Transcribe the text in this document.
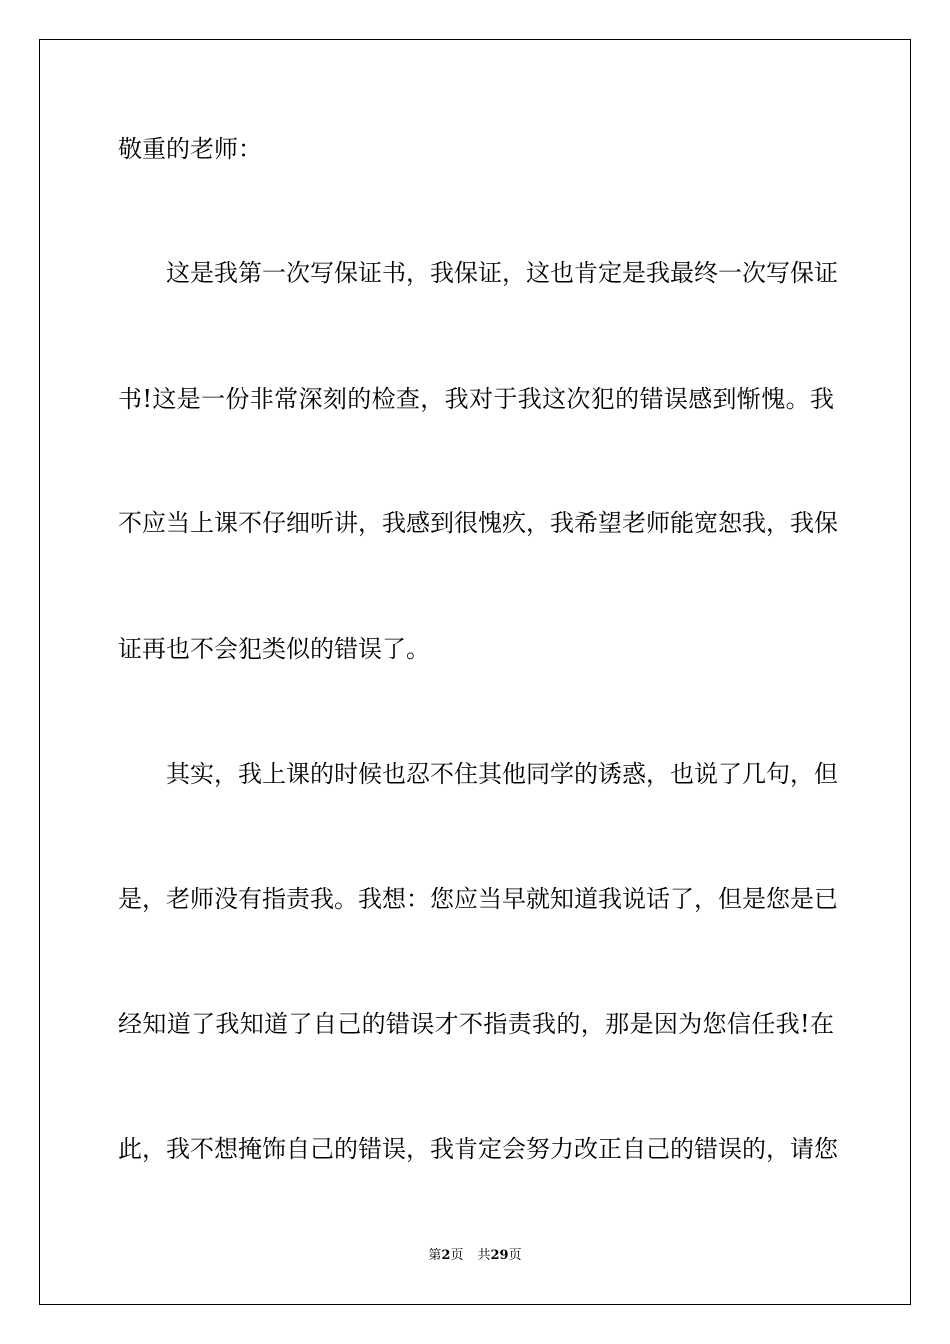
敬重的老师：
这是我第一次写保证书，我保证，这也肯定是我最终一次写保证
书!这是一份非常深刻的检查，我对于我这次犯的错误感到惭愧。我
不应当上课不仔细听讲，我感到很愧疚，我希望老师能宽恕我，我保
证再也不会犯类似的错误了。
其实，我上课的时候也忍不住其他同学的诱惑，也说了几句，但
是，老师没有指责我。我想：您应当早就知道我说话了，但是您是已
经知道了我知道了自己的错误才不指责我的，那是因为您信任我!在
此，我不想掩饰自己的错误，我肯定会努力改正自己的错误的，请您
第2页 共29页
